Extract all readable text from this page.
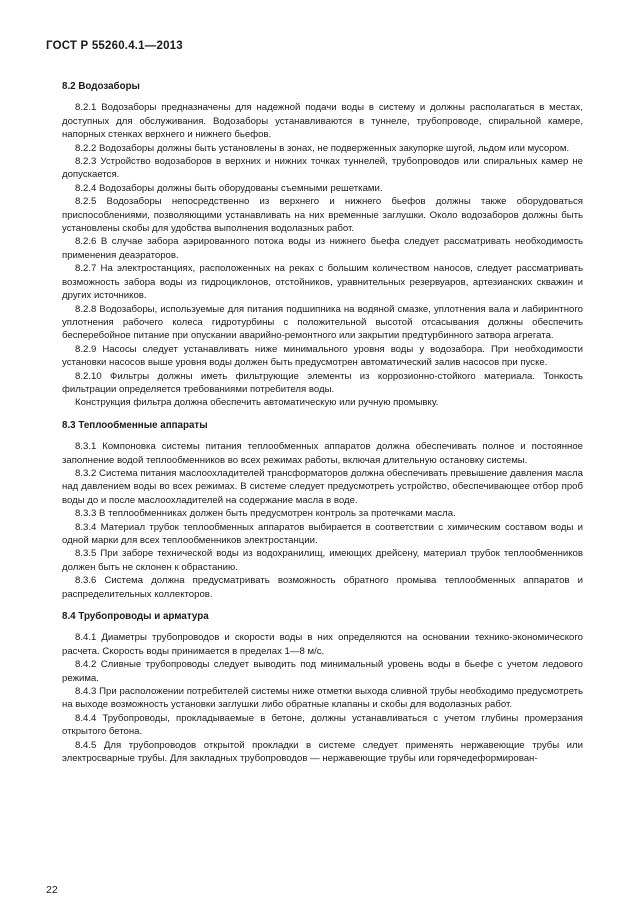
ГОСТ Р 55260.4.1—2013

8.2 Водозаборы

8.2.1 Водозаборы предназначены для надежной подачи воды в систему и должны располагаться в местах, доступных для обслуживания. Водозаборы устанавливаются в туннеле, трубопроводе, спиральной камере, напорных стенках верхнего и нижнего бьефов.

8.2.2 Водозаборы должны быть установлены в зонах, не подверженных закупорке шугой, льдом или мусором.

8.2.3 Устройство водозаборов в верхних и нижних точках туннелей, трубопроводов или спиральных камер не допускается.

8.2.4 Водозаборы должны быть оборудованы съемными решетками.

8.2.5 Водозаборы непосредственно из верхнего и нижнего бьефов должны также оборудоваться приспособлениями, позволяющими устанавливать на них временные заглушки. Около водозаборов должны быть установлены скобы для удобства выполнения водолазных работ.

8.2.6 В случае забора аэрированного потока воды из нижнего бьефа следует рассматривать необходимость применения деаэраторов.

8.2.7 На электростанциях, расположенных на реках с большим количеством наносов, следует рассматривать возможность забора воды из гидроциклонов, отстойников, уравнительных резервуаров, артезианских скважин и других источников.

8.2.8 Водозаборы, используемые для питания подшипника на водяной смазке, уплотнения вала и лабиринтного уплотнения рабочего колеса гидротурбины с положительной высотой отсасывания должны обеспечить бесперебойное питание при опускании аварийно-ремонтного или закрытии предтурбинного затвора агрегата.

8.2.9 Насосы следует устанавливать ниже минимального уровня воды у водозабора. При необходимости установки насосов выше уровня воды должен быть предусмотрен автоматический залив насосов при пуске.

8.2.10 Фильтры должны иметь фильтрующие элементы из коррозионно-стойкого материала. Тонкость фильтрации определяется требованиями потребителя воды.

Конструкция фильтра должна обеспечить автоматическую или ручную промывку.

8.3 Теплообменные аппараты

8.3.1 Компоновка системы питания теплообменных аппаратов должна обеспечивать полное и постоянное заполнение водой теплообменников во всех режимах работы, включая длительную остановку системы.

8.3.2 Система питания маслоохладителей трансформаторов должна обеспечивать превышение давления масла над давлением воды во всех режимах. В системе следует предусмотреть устройство, обеспечивающее отбор проб воды до и после маслоохладителей на содержание масла в воде.

8.3.3 В теплообменниках должен быть предусмотрен контроль за протечками масла.

8.3.4 Материал трубок теплообменных аппаратов выбирается в соответствии с химическим составом воды и одной марки для всех теплообменников электростанции.

8.3.5 При заборе технической воды из водохранилищ, имеющих дрейсену, материал трубок теплообменников должен быть не склонен к обрастанию.

8.3.6 Система должна предусматривать возможность обратного промыва теплообменных аппаратов и распределительных коллекторов.

8.4 Трубопроводы и арматура

8.4.1 Диаметры трубопроводов и скорости воды в них определяются на основании технико-экономического расчета. Скорость воды принимается в пределах 1—8 м/с.

8.4.2 Сливные трубопроводы следует выводить под минимальный уровень воды в бьефе с учетом ледового режима.

8.4.3 При расположении потребителей системы ниже отметки выхода сливной трубы необходимо предусмотреть на выходе возможность установки заглушки либо обратные клапаны и скобы для водолазных работ.

8.4.4 Трубопроводы, прокладываемые в бетоне, должны устанавливаться с учетом глубины промерзания открытого бетона.

8.4.5 Для трубопроводов открытой прокладки в системе следует применять нержавеющие трубы или электросварные трубы. Для закладных трубопроводов — нержавеющие трубы или горячедеформирован-

22
